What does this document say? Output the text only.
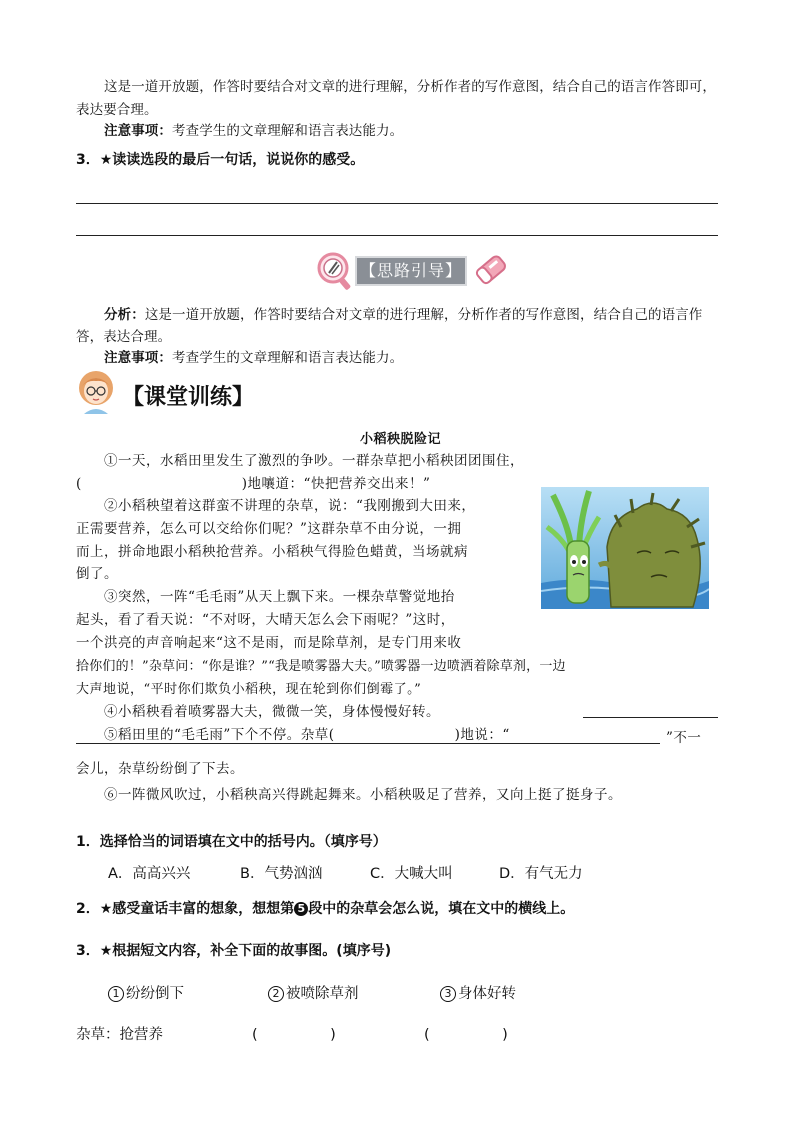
这是一道开放题，作答时要结合对文章的进行理解，分析作者的写作意图，结合自己的语言作答即可，
表达要合理。
注意事项：考查学生的文章理解和语言表达能力。
3．★读读选段的最后一句话，说说你的感受。
【思路引导】
分析：这是一道开放题，作答时要结合对文章的进行理解，分析作者的写作意图，结合自己的语言作
答，表达合理。
注意事项：考查学生的文章理解和语言表达能力。
【课堂训练】
小稻秧脱险记
①一天，水稻田里发生了激烈的争吵。一群杂草把小稻秧团团围住，
(	)地嚷道：“快把营养交出来！”
②小稻秧望着这群蛮不讲理的杂草，说：“我刚搬到大田来，
正需要营养，怎么可以交给你们呢？”这群杂草不由分说，一拥
而上，拼命地跟小稻秧抢营养。小稻秧气得脸色蜡黄，当场就病
倒了。
③突然，一阵“毛毛雨”从天上飘下来。一棵杂草警觉地抬
起头，看了看天说：“不对呀，大晴天怎么会下雨呢？”这时，
一个洪亮的声音响起来“这不是雨，而是除草剂，是专门用来收
拾你们的！”杂草问：“你是谁？”“我是喷雾器大夫。”喷雾器一边喷洒着除草剂，一边
大声地说，“平时你们欺负小稻秧，现在轮到你们倒霉了。”
④小稻秧看着喷雾器大夫，微微一笑，身体慢慢好转。
⑤稻田里的“毛毛雨”下个不停。杂草(	)地说：“	”不一
会儿，杂草纷纷倒了下去。
⑥一阵微风吹过，小稻秧高兴得跳起舞来。小稻秧吸足了营养，又向上挺了挺身子。
1．选择恰当的词语填在文中的括号内。（填序号）
A．高高兴兴	B．气势汹汹	C．大喊大叫	D．有气无力
2．★感受童话丰富的想象，想想第 5 段中的杂草会怎么说，填在文中的横线上。
3．★根据短文内容，补全下面的故事图。(填序号)
1 纷纷倒下	2 被喷除草剂	3 身体好转
杂草：抢营养	(　　　　　)	(　　　　　)
